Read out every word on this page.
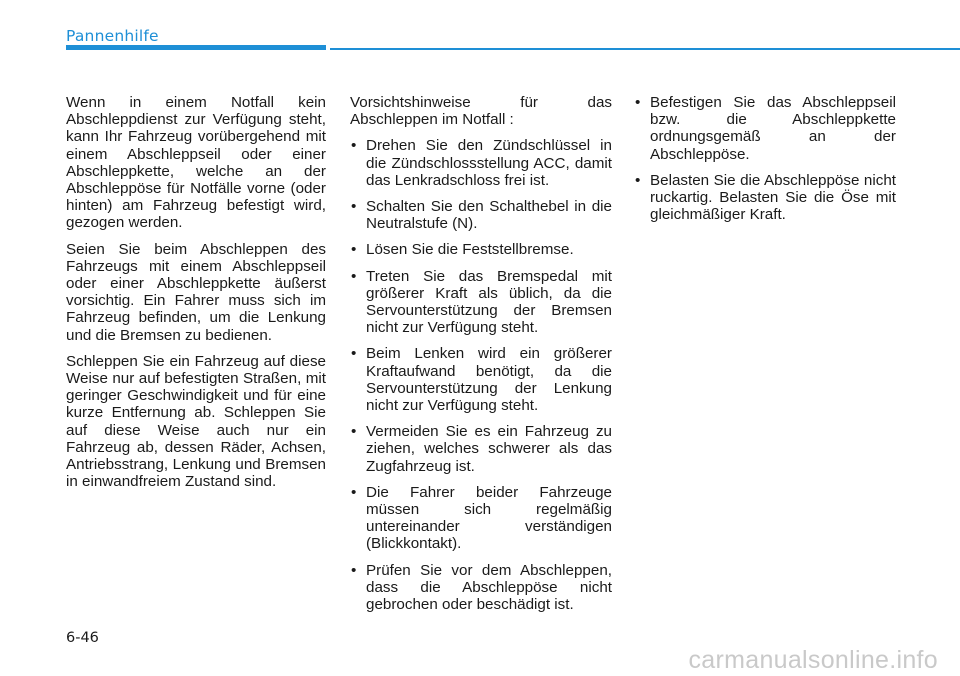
Pannenhilfe

Wenn in einem Notfall kein Abschleppdienst zur Verfügung steht, kann Ihr Fahrzeug vorübergehend mit einem Abschleppseil oder einer Abschleppkette, welche an der Abschleppöse für Notfälle vorne (oder hinten) am Fahrzeug befestigt wird, gezogen werden.

Seien Sie beim Abschleppen des Fahrzeugs mit einem Abschleppseil oder einer Abschleppkette äußerst vorsichtig. Ein Fahrer muss sich im Fahrzeug befinden, um die Lenkung und die Bremsen zu bedienen.

Schleppen Sie ein Fahrzeug auf diese Weise nur auf befestigten Straßen, mit geringer Geschwindigkeit und für eine kurze Entfernung ab. Schleppen Sie auf diese Weise auch nur ein Fahrzeug ab, dessen Räder, Achsen, Antriebsstrang, Lenkung und Bremsen in einwandfreiem Zustand sind.

Vorsichtshinweise für das Abschleppen im Notfall :

• Drehen Sie den Zündschlüssel in die Zündschlossstellung ACC, damit das Lenkradschloss frei ist.
• Schalten Sie den Schalthebel in die Neutralstufe (N).
• Lösen Sie die Feststellbremse.
• Treten Sie das Bremspedal mit größerer Kraft als üblich, da die Servounterstützung der Bremsen nicht zur Verfügung steht.
• Beim Lenken wird ein größerer Kraftaufwand benötigt, da die Servounterstützung der Lenkung nicht zur Verfügung steht.
• Vermeiden Sie es ein Fahrzeug zu ziehen, welches schwerer als das Zugfahrzeug ist.
• Die Fahrer beider Fahrzeuge müssen sich regelmäßig untereinander verständigen (Blickkontakt).
• Prüfen Sie vor dem Abschleppen, dass die Abschleppöse nicht gebrochen oder beschädigt ist.
• Befestigen Sie das Abschleppseil bzw. die Abschleppkette ordnungsgemäß an der Abschleppöse.
• Belasten Sie die Abschleppöse nicht ruckartig. Belasten Sie die Öse mit gleichmäßiger Kraft.
6-46
carmanualsonline.info
